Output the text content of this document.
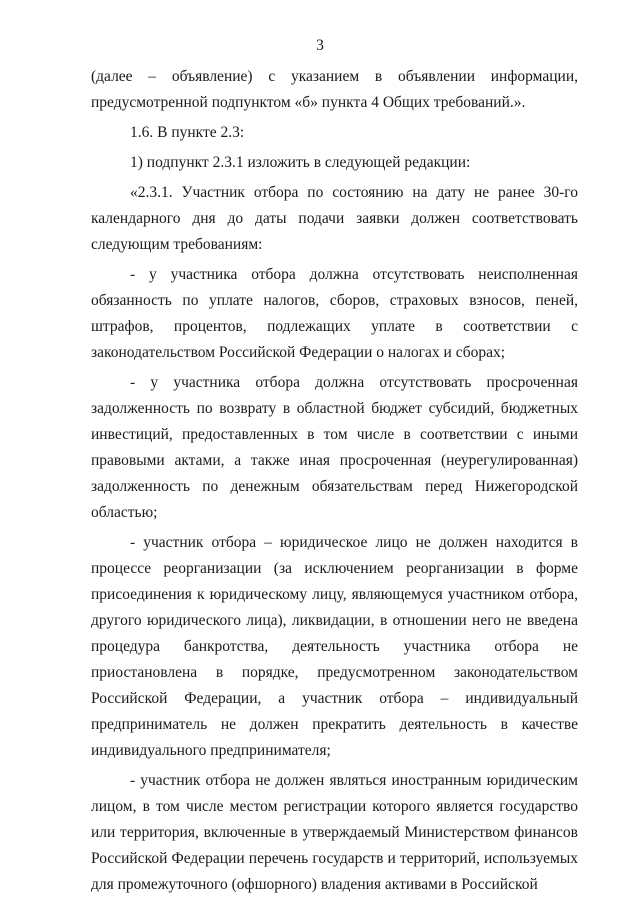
3

(далее – объявление) с указанием в объявлении информации, предусмотренной подпунктом «б» пункта 4 Общих требований.».

1.6. В пункте 2.3:

1) подпункт 2.3.1 изложить в следующей редакции:

«2.3.1. Участник отбора по состоянию на дату не ранее 30-го календарного дня до даты подачи заявки должен соответствовать следующим требованиям:

- у участника отбора должна отсутствовать неисполненная обязанность по уплате налогов, сборов, страховых взносов, пеней, штрафов, процентов, подлежащих уплате в соответствии с законодательством Российской Федерации о налогах и сборах;

- у участника отбора должна отсутствовать просроченная задолженность по возврату в областной бюджет субсидий, бюджетных инвестиций, предоставленных в том числе в соответствии с иными правовыми актами, а также иная просроченная (неурегулированная) задолженность по денежным обязательствам перед Нижегородской областью;

- участник отбора – юридическое лицо не должен находится в процессе реорганизации (за исключением реорганизации в форме присоединения к юридическому лицу, являющемуся участником отбора, другого юридического лица), ликвидации, в отношении него не введена процедура банкротства, деятельность участника отбора не приостановлена в порядке, предусмотренном законодательством Российской Федерации, а участник отбора – индивидуальный предприниматель не должен прекратить деятельность в качестве индивидуального предпринимателя;

- участник отбора не должен являться иностранным юридическим лицом, в том числе местом регистрации которого является государство или территория, включенные в утверждаемый Министерством финансов Российской Федерации перечень государств и территорий, используемых для промежуточного (офшорного) владения активами в Российской
